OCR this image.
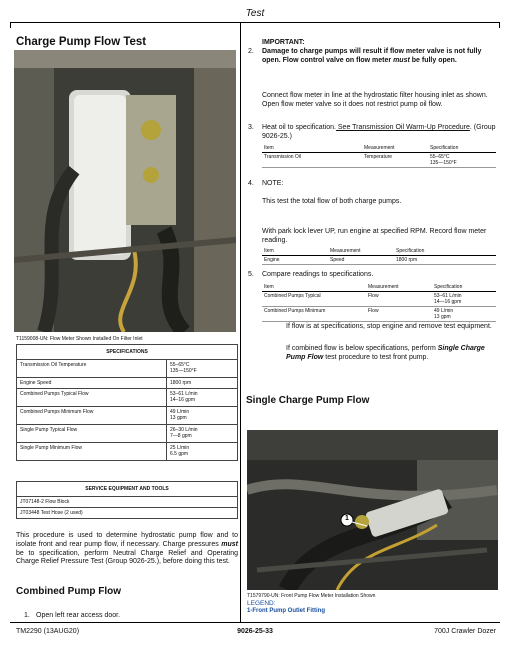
Test
Charge Pump Flow Test
T1159008-UN: Flow Meter Shown Installed On Filter Inlet
SPECIFICATIONS	
Transmission Oil Temperature	55–65°C
135—150°F

Engine Speed	1800 rpm
Combined Pumps Typical Flow	53–61 L/min
14–16 gpm

Combined Pumps Minimum Flow	49 L/min
13 gpm

Single Pump Typical Flow	26–30 L/min
7—8 gpm

Single Pump Minimum Flow	25 L/min
6.5 gpm
SERVICE EQUIPMENT AND TOOLS
JT07148-2 Flow Block
JT03448 Test Hose (2 used)
This procedure is used to determine hydrostatic pump flow and to isolate front and rear pump flow, if necessary. Charge pressures must be to specification, perform Neutral Charge Relief and Operating Charge Relief Pressure Test (Group 9026-25.), before doing this test.
Combined Pump Flow
1. Open left rear access door.
2.
IMPORTANT:
Damage to charge pumps will result if flow meter valve is not fully open. Flow control valve on flow meter must be fully open.
Connect flow meter in line at the hydrostatic filter housing inlet as shown. Open flow meter valve so it does not restrict pump oil flow.
3. Heat oil to specification. See Transmission Oil Warm-Up Procedure. (Group 9026-25.)
Item	Measurement	Specification
Transmission Oil	Temperature	55–65°C
135—150°F
4. NOTE:
This test the total flow of both charge pumps.
With park lock lever UP, run engine at specified RPM. Record flow meter reading.
Item	Measurement	Specification
Engine	Speed	1800 rpm
5. Compare readings to specifications.
Item	Measurement	Specification
Combined Pumps Typical	Flow	53–61 L/min
14—16 gpm

Combined Pumps Minimum	Flow	49 L/min
13 gpm
If flow is at specifications, stop engine and remove test equipment.
If combined flow is below specifications, perform Single Charge Pump Flow test procedure to test front pump.
Single Charge Pump Flow
1
T1579790-UN: Front Pump Flow Meter Installation Shown
LEGEND:
1-Front Pump Outlet Fitting
TM2290 (13AUG20)	9026-25-33	700J Crawler Dozer
